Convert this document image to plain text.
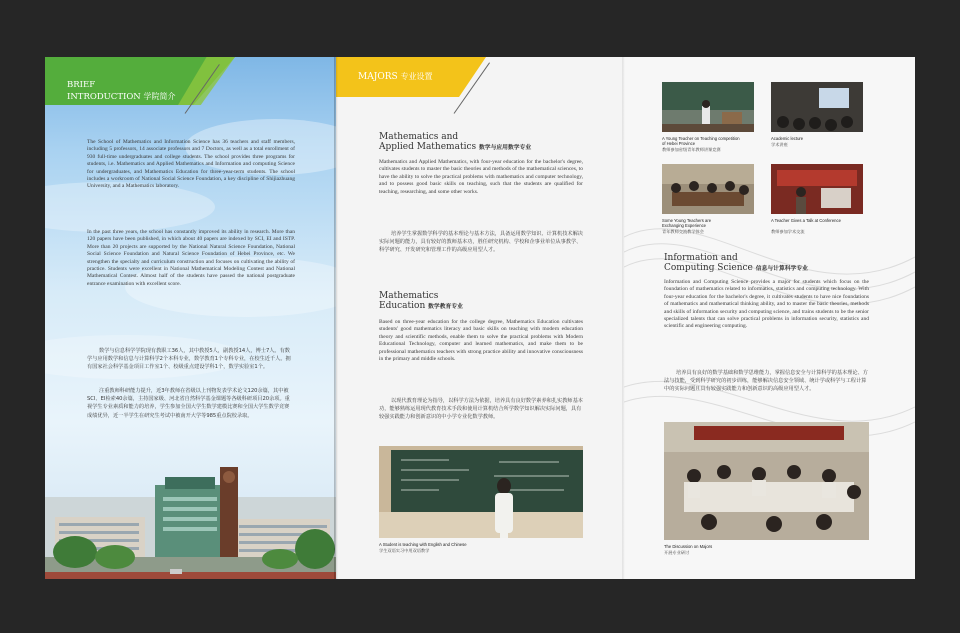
BRIEF
INTRODUCTION 学院简介

The School of Mathematics and Information Science has 36 teachers and staff members, including 5 professors, 14 associate professors and 7 Doctors, as well as a total enrollment of 930 full-time undergraduates and college students. The school provides three programs for students, i.e. Mathematics and Applied Mathematics and Information and computing Science for undergraduates, and Mathematics Education for three-year-term students. The school includes a workroom of National Social Science Foundation, a key discipline of Shijiazhuang University, and a Mathematics laboratory.

In the past three years, the school has constantly improved its ability in research. More than 120 papers have been published, in which about 40 papers are indexed by SCI, EI and ISTP. More than 20 projects are supported by the National Natural Science Foundation, National Social Science Foundation and Natural Science Foundation of Hebei Province, etc. We strengthen the specialty and curriculum construction and focuses on cultivating the ability of practice. Students were excellent in National Mathematical Modeling Contest and National Mathematical Contest. Almost half of the students have passed the national postgraduate entrance examination with excellent score.

数学与信息科学学院现有教职工36人，其中教授5人，副教授14人，博士7人。有数学与应用数学和信息与计算科学2个本科专业，数学教育1个专科专业，在校生近千人。拥有国家社会科学基金项目工作室1个、校级重点建设学科1个，数学实验室1个。

注重教师科研能力提升，近3年教师在省级以上刊物发表学术论文120余篇，其中被SCI、EI检索40余篇，主持国家级、河北省自然科学基金课题等各级科研项目20余项。重视学生专业素质和能力的培养，学生参加全国大学生数学建模比赛和全国大学生数学竞赛成绩优异，近一半学生在研究生考试中被南开大学等985重点院校录取。

MAJORS 专业设置
Mathematics and
Applied Mathematics 数学与应用数学专业

Mathematics and Applied Mathematics, with four-year education for the bachelor's degree, cultivates students to master the basic theories and methods of the mathematical sciences, to have the ability to solve the practical problems with mathematics and computer technology, and to possess good basic skills on teaching, such that the students are qualified for teaching, researching, and some other works.

培养学生掌握数学科学的基本理论与基本方法，具备运用数学知识、计算机技术解决实际问题的能力，具有较好的教师基本功，胜任研究机构、学校和企事业单位从事教学、科学研究、开发研究和管理工作的高级应用型人才。

Mathematics
Education 数学教育专业

Based on three-year education for the college degree, Mathematics Education cultivates students' good mathematics literacy and basic skills on teaching with modern education theory and scientific methods, enable them to solve the practical problems with Modern Educational Technology, computer and learned mathematics, and make them to be professional mathematics teachers with strong practice ability and innovative consciousness in the primary and middle schools.

以现代教育理论为指导，以科学方法为依据，培养具有良好数学素养和扎实教师基本功，能够熟练运用现代教育技术手段和使用计算机结合所学数学知识解决实际问题，具有较强实践能力和创新意识的中小学专业化数学教师。

A Student is teaching with English and Chinese

学生双语实习中用双语教学

A Young Teacher on Teaching competition
of Hebei Province

教师参加省级青年教师讲课竞赛

Academic lecture

学术讲座

Some Young Teachers are
Exchanging Experience

青年教师交流教学体会

A Teacher Gives a Talk at Conference

教师参加学术交流

Information and
Computing Science 信息与计算科学专业

Information and Computing Science provides a major for students which focus on the foundation of mathematics related to informatics, statistics and computing technology. With four-year education for the bachelor's degree, it cultivates students to have nice foundations of mathematics and mathematical thinking ability, and to master the basic theories, methods and skills of information security and computing science, and trains students to be the senior specialized talents that can solve practical problems in information security, statistics and scientific and engineering computing.

培养具有良好的数学基础和数学思维能力，掌握信息安全与计算科学的基本理论、方法与技能，受到科学研究的初步训练，能够解决信息安全领域、统计学或科学与工程计算中的实际问题且具有较强实践能力和创新意识的高级应用型人才。

The Discussion on Majors

开展专业研讨
